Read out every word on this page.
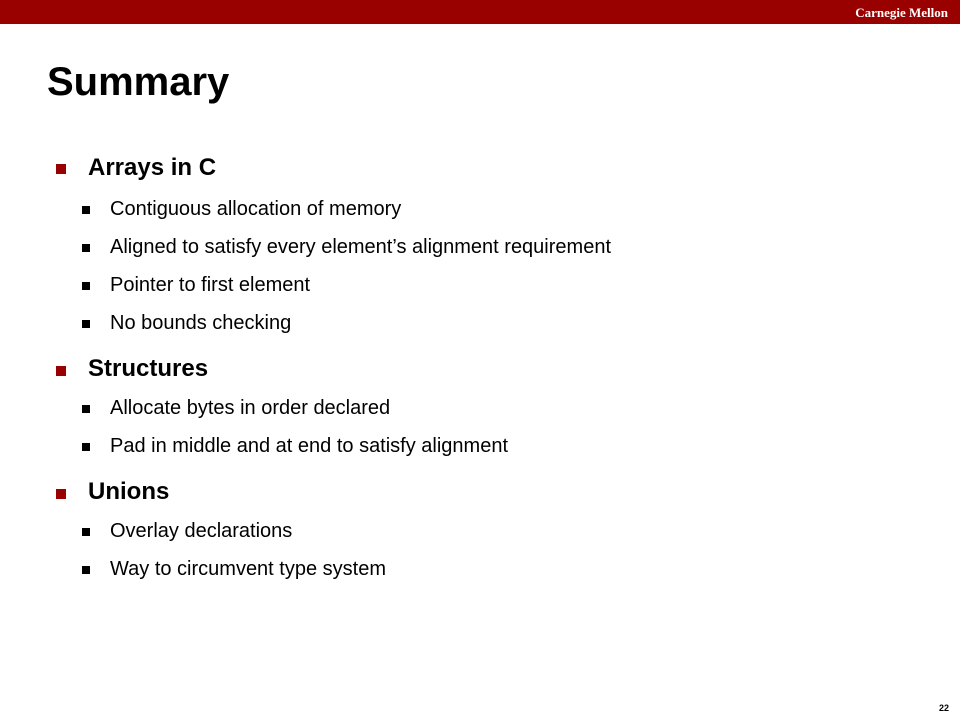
Carnegie Mellon
Summary
Arrays in C
Contiguous allocation of memory
Aligned to satisfy every element’s alignment requirement
Pointer to first element
No bounds checking
Structures
Allocate bytes in order declared
Pad in middle and at end to satisfy alignment
Unions
Overlay declarations
Way to circumvent type system
22
